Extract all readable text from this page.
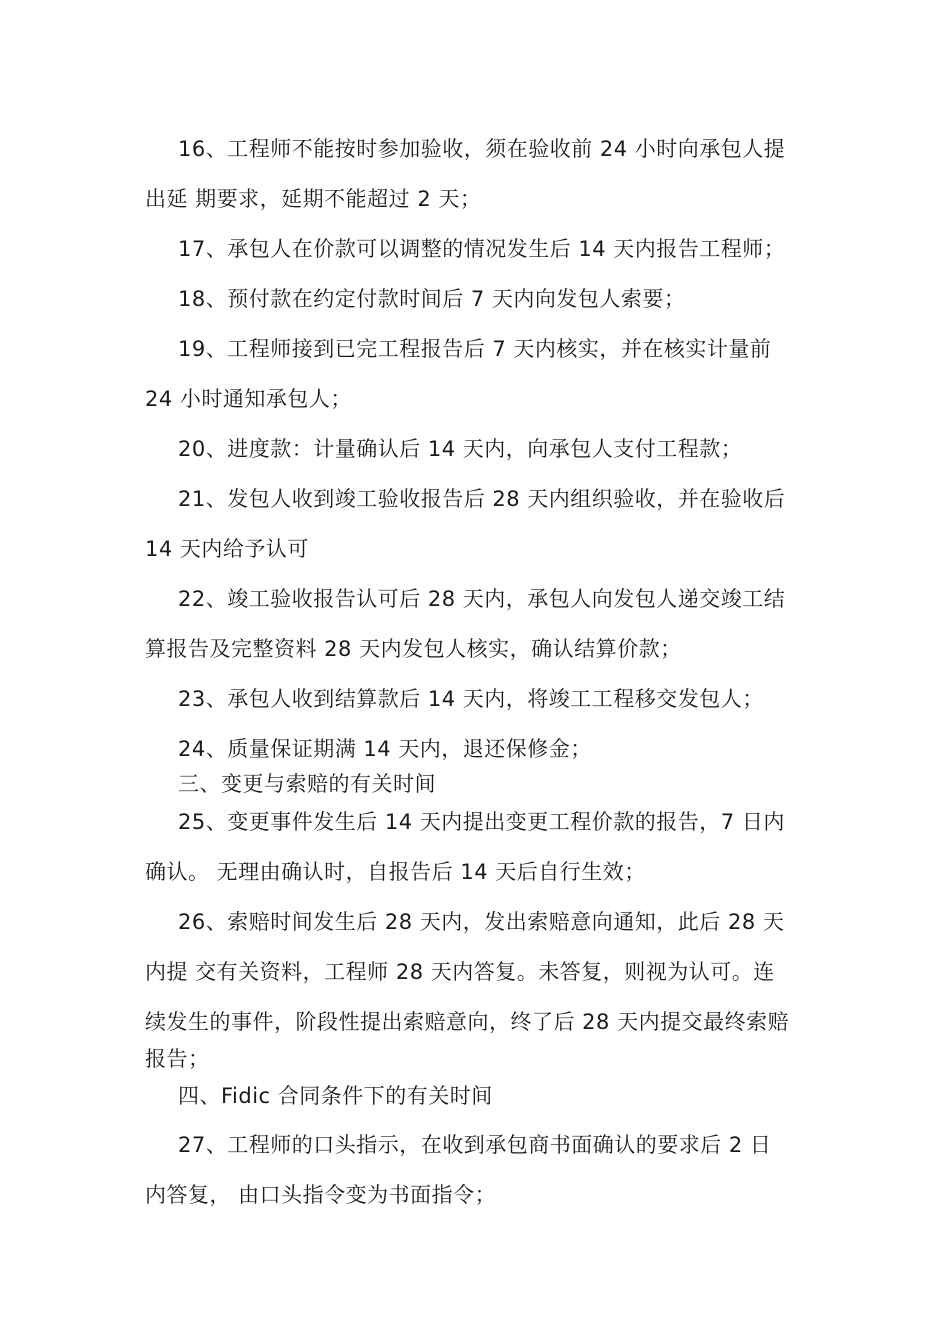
16、工程师不能按时参加验收，须在验收前 24 小时向承包人提
出延 期要求，延期不能超过 2 天；
17、承包人在价款可以调整的情况发生后 14 天内报告工程师；
18、预付款在约定付款时间后 7 天内向发包人索要；
19、工程师接到已完工程报告后 7 天内核实，并在核实计量前
24 小时通知承包人；
20、进度款：计量确认后 14 天内，向承包人支付工程款；
21、发包人收到竣工验收报告后 28 天内组织验收，并在验收后
14 天内给予认可
22、竣工验收报告认可后 28 天内，承包人向发包人递交竣工结
算报告及完整资料 28 天内发包人核实，确认结算价款；
23、承包人收到结算款后 14 天内，将竣工工程移交发包人；
24、质量保证期满 14 天内，退还保修金；
三、变更与索赔的有关时间
25、变更事件发生后 14 天内提出变更工程价款的报告，7 日内
确认。 无理由确认时，自报告后 14 天后自行生效；
26、索赔时间发生后 28 天内，发出索赔意向通知，此后 28 天
内提 交有关资料，工程师 28 天内答复。未答复，则视为认可。连
续发生的事件，阶段性提出索赔意向，终了后 28 天内提交最终索赔
报告；
四、Fidic 合同条件下的有关时间
27、工程师的口头指示，在收到承包商书面确认的要求后 2 日
内答复， 由口头指令变为书面指令；
